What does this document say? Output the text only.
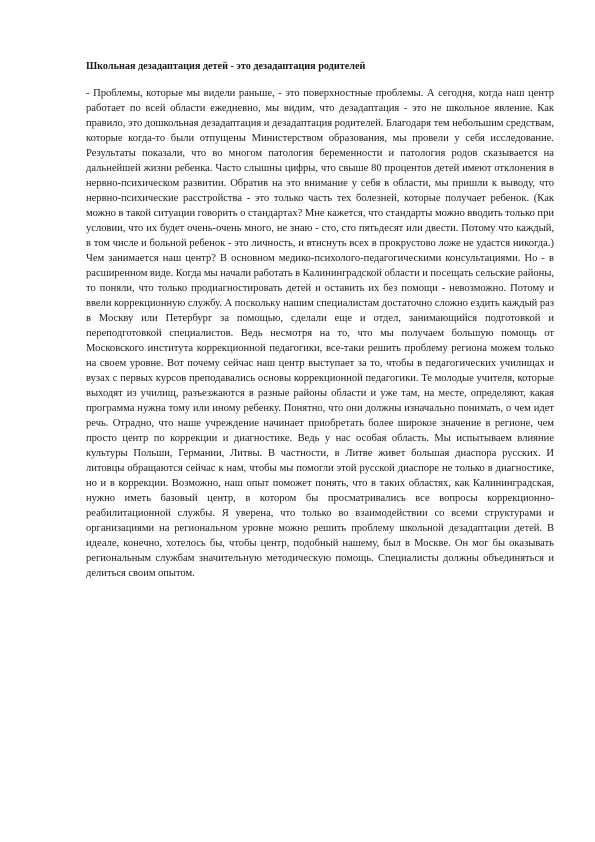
Школьная дезадаптация детей - это дезадаптация родителей

- Проблемы, которые мы видели раньше, - это поверхностные проблемы. А сегодня, когда наш центр работает по всей области ежедневно, мы видим, что дезадаптация - это не школьное явление. Как правило, это дошкольная дезадаптация и дезадаптация родителей. Благодаря тем небольшим средствам, которые когда-то были отпущены Министерством образования, мы провели у себя исследование. Результаты показали, что во многом патология беременности и патология родов сказывается на дальнейшей жизни ребенка. Часто слышны цифры, что свыше 80 процентов детей имеют отклонения в нервно-психическом развитии. Обратив на это внимание у себя в области, мы пришли к выводу, что нервно-психические расстройства - это только часть тех болезней, которые получает ребенок. (Как можно в такой ситуации говорить о стандартах? Мне кажется, что стандарты можно вводить только при условии, что их будет очень-очень много, не знаю - сто, сто пятьдесят или двести. Потому что каждый, в том числе и больной ребенок - это личность, и втиснуть всех в прокрустово ложе не удастся никогда.) Чем занимается наш центр? В основном медико-психолого-педагогическими консультациями. Но - в расширенном виде. Когда мы начали работать в Калининградской области и посещать сельские районы, то поняли, что только продиагностировать детей и оставить их без помощи - невозможно. Потому и ввели коррекционную службу. А поскольку нашим специалистам достаточно сложно ездить каждый раз в Москву или Петербург за помощью, сделали еще и отдел, занимающийся подготовкой и переподготовкой специалистов. Ведь несмотря на то, что мы получаем большую помощь от Московского института коррекционной педагогики, все-таки решить проблему региона можем только на своем уровне. Вот почему сейчас наш центр выступает за то, чтобы в педагогических училищах и вузах с первых курсов преподавались основы коррекционной педагогики. Те молодые учителя, которые выходят из училищ, разъезжаются в разные районы области и уже там, на месте, определяют, какая программа нужна тому или иному ребенку. Понятно, что они должны изначально понимать, о чем идет речь. Отрадно, что наше учреждение начинает приобретать более широкое значение в регионе, чем просто центр по коррекции и диагностике. Ведь у нас особая область. Мы испытываем влияние культуры Польши, Германии, Литвы. В частности, в Литве живет большая диаспора русских. И литовцы обращаются сейчас к нам, чтобы мы помогли этой русской диаспоре не только в диагностике, но и в коррекции. Возможно, наш опыт поможет понять, что в таких областях, как Калининградская, нужно иметь базовый центр, в котором бы просматривались все вопросы коррекционно-реабилитационной службы. Я уверена, что только во взаимодействии со всеми структурами и организациями на региональном уровне можно решить проблему школьной дезадаптации детей. В идеале, конечно, хотелось бы, чтобы центр, подобный нашему, был в Москве. Он мог бы оказывать региональным службам значительную методическую помощь. Специалисты должны объединяться и делиться своим опытом.
